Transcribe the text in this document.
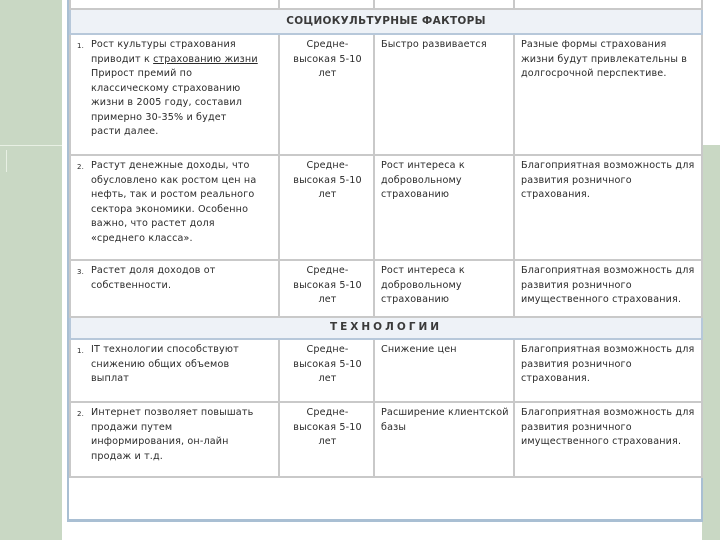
СОЦИОКУЛЬТУРНЫЕ ФАКТОРЫ			
1. Рост культуры страхования приводит к страхованию жизни Прирост премий по классическому страхованию жизни в 2005 году, составил примерно 30-35% и будет расти далее.	Средне-высокая 5-10 лет	Быстро развивается	Разные формы страхования жизни будут привлекательны в долгосрочной перспективе.
2. Растут денежные доходы, что обусловлено как ростом цен на нефть, так и ростом реального сектора экономики. Особенно важно, что растет доля «среднего класса».	Средне-высокая 5-10 лет	Рост интереса к добровольному страхованию	Благоприятная возможность для развития розничного страхования.
3. Растет доля доходов от собственности.	Средне-высокая 5-10 лет	Рост интереса к добровольному страхованию	Благоприятная возможность для развития розничного имущественного страхования.
ТЕХНОЛОГИИ			
1. IT технологии способствуют снижению общих объемов выплат	Средне-высокая 5-10 лет	Снижение цен	Благоприятная возможность для развития розничного страхования.
2. Интернет позволяет повышать продажи путем информирования, он-лайн продаж и т.д.	Средне-высокая 5-10 лет	Расширение клиентской базы	Благоприятная возможность для развития розничного имущественного страхования.
